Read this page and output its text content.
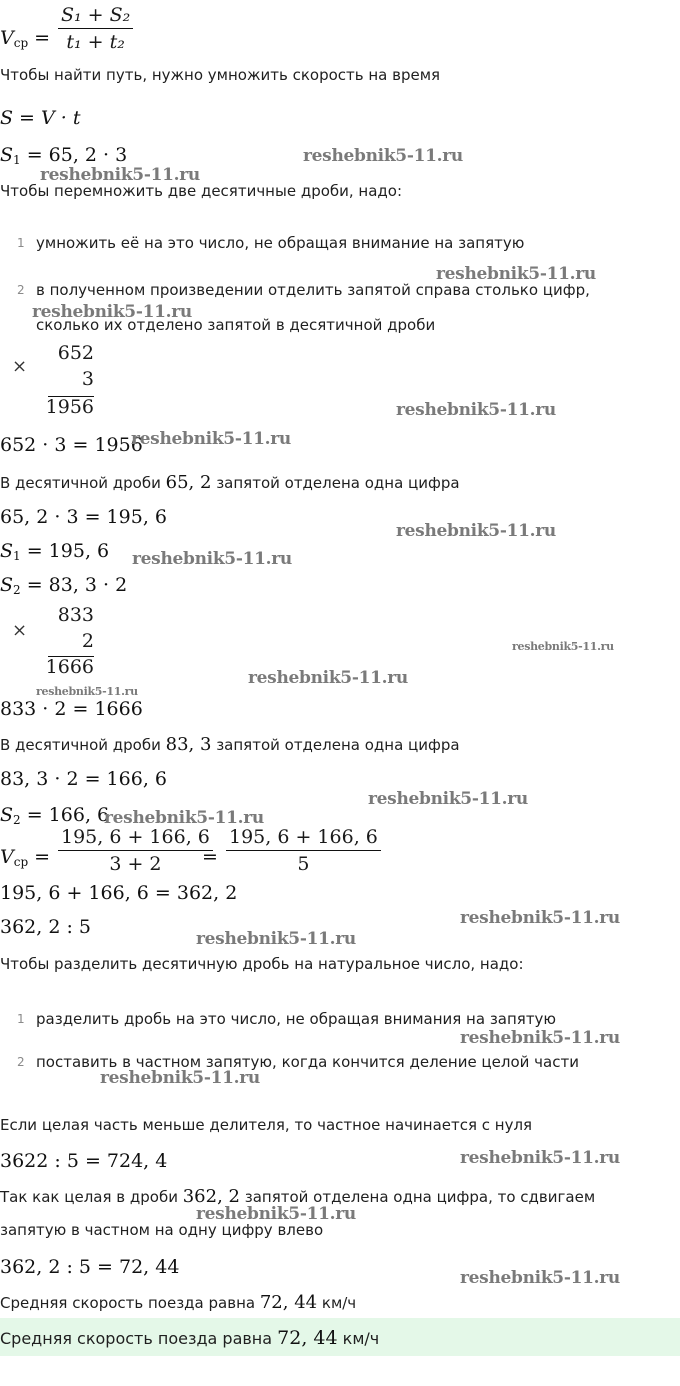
$V_{ср}$ =
S₁ + S₂
t₁ + t₂
Чтобы найти путь, нужно умножить скорость на время
S = V · t
$S_1 = 65$, 2 · 3
Чтобы перемножить две десятичные дроби, надо:
1 умножить её на это число, не обращая внимание на запятую
2 в полученном произведении отделить запятой справа столько цифр,
сколько их отделено запятой в десятичной дроби
×
652
3
1956
652 · 3 = 1956
В десятичной дроби 65, 2 запятой отделена одна цифра
65, 2 · 3 = 195, 6
$S_1 = 195$, 6
$S_2 = 83$, 3 · 2
×
833
2
1666
833 · 2 = 1666
В десятичной дроби 83, 3 запятой отделена одна цифра
83, 3 · 2 = 166, 6
$S_2 = 166$, 6
$V_{ср}$ =
195, 6 + 166, 6
3 + 2	=
195, 6 + 166, 6
5
195, 6 + 166, 6 = 362, 2
362, 2 : 5
Чтобы разделить десятичную дробь на натуральное число, надо:
1 разделить дробь на это число, не обращая внимания на запятую
2 поставить в частном запятую, когда кончится деление целой части
Если целая часть меньше делителя, то частное начинается с нуля
3622 : 5 = 724, 4
Так как целая в дроби 362, 2 запятой отделена одна цифра, то сдвигаем
запятую в частном на одну цифру влево
362, 2 : 5 = 72, 44
Средняя скорость поезда равна 72, 44 км/ч
Средняя скорость поезда равна 72, 44 км/ч
reshebnik5-11.ru
reshebnik5-11.ru
reshebnik5-11.ru
reshebnik5-11.ru
reshebnik5-11.ru
reshebnik5-11.ru
reshebnik5-11.ru
reshebnik5-11.ru
reshebnik5-11.ru
reshebnik5-11.ru
reshebnik5-11.ru
reshebnik5-11.ru
reshebnik5-11.ru
reshebnik5-11.ru
reshebnik5-11.ru
reshebnik5-11.ru
reshebnik5-11.ru
reshebnik5-11.ru
reshebnik5-11.ru
reshebnik5-11.ru
